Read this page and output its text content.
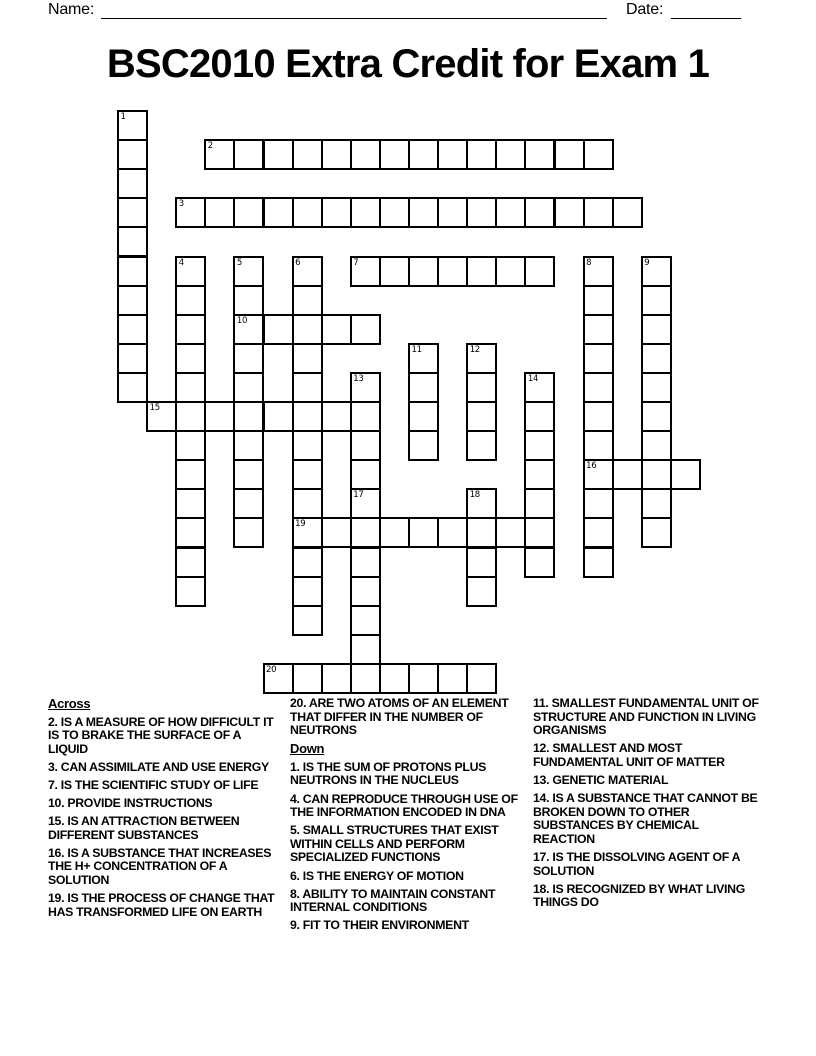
Name:	Date:
BSC2010 Extra Credit for Exam 1
1
2
3
4	5
10
6
19
7	8
16
9
11	12
13	14
15
17	18
20
Across
2. IS A MEASURE OF HOW DIFFICULT IT IS TO BRAKE THE SURFACE OF A LIQUID
3. CAN ASSIMILATE AND USE ENERGY
7. IS THE SCIENTIFIC STUDY OF LIFE
10. PROVIDE INSTRUCTIONS
15. IS AN ATTRACTION BETWEEN DIFFERENT SUBSTANCES
16. IS A SUBSTANCE THAT INCREASES THE H+ CONCENTRATION OF A SOLUTION
19. IS THE PROCESS OF CHANGE THAT HAS TRANSFORMED LIFE ON EARTH
20. ARE TWO ATOMS OF AN ELEMENT THAT DIFFER IN THE NUMBER OF NEUTRONS
Down
1. IS THE SUM OF PROTONS PLUS NEUTRONS IN THE NUCLEUS
4. CAN REPRODUCE THROUGH USE OF THE INFORMATION ENCODED IN DNA
5. SMALL STRUCTURES THAT EXIST WITHIN CELLS AND PERFORM SPECIALIZED FUNCTIONS
6. IS THE ENERGY OF MOTION
8. ABILITY TO MAINTAIN CONSTANT INTERNAL CONDITIONS
9. FIT TO THEIR ENVIRONMENT
11. SMALLEST FUNDAMENTAL UNIT OF STRUCTURE AND FUNCTION IN LIVING ORGANISMS
12. SMALLEST AND MOST FUNDAMENTAL UNIT OF MATTER
13. GENETIC MATERIAL
14. IS A SUBSTANCE THAT CANNOT BE BROKEN DOWN TO OTHER SUBSTANCES BY CHEMICAL REACTION
17. IS THE DISSOLVING AGENT OF A SOLUTION
18. IS RECOGNIZED BY WHAT LIVING THINGS DO
